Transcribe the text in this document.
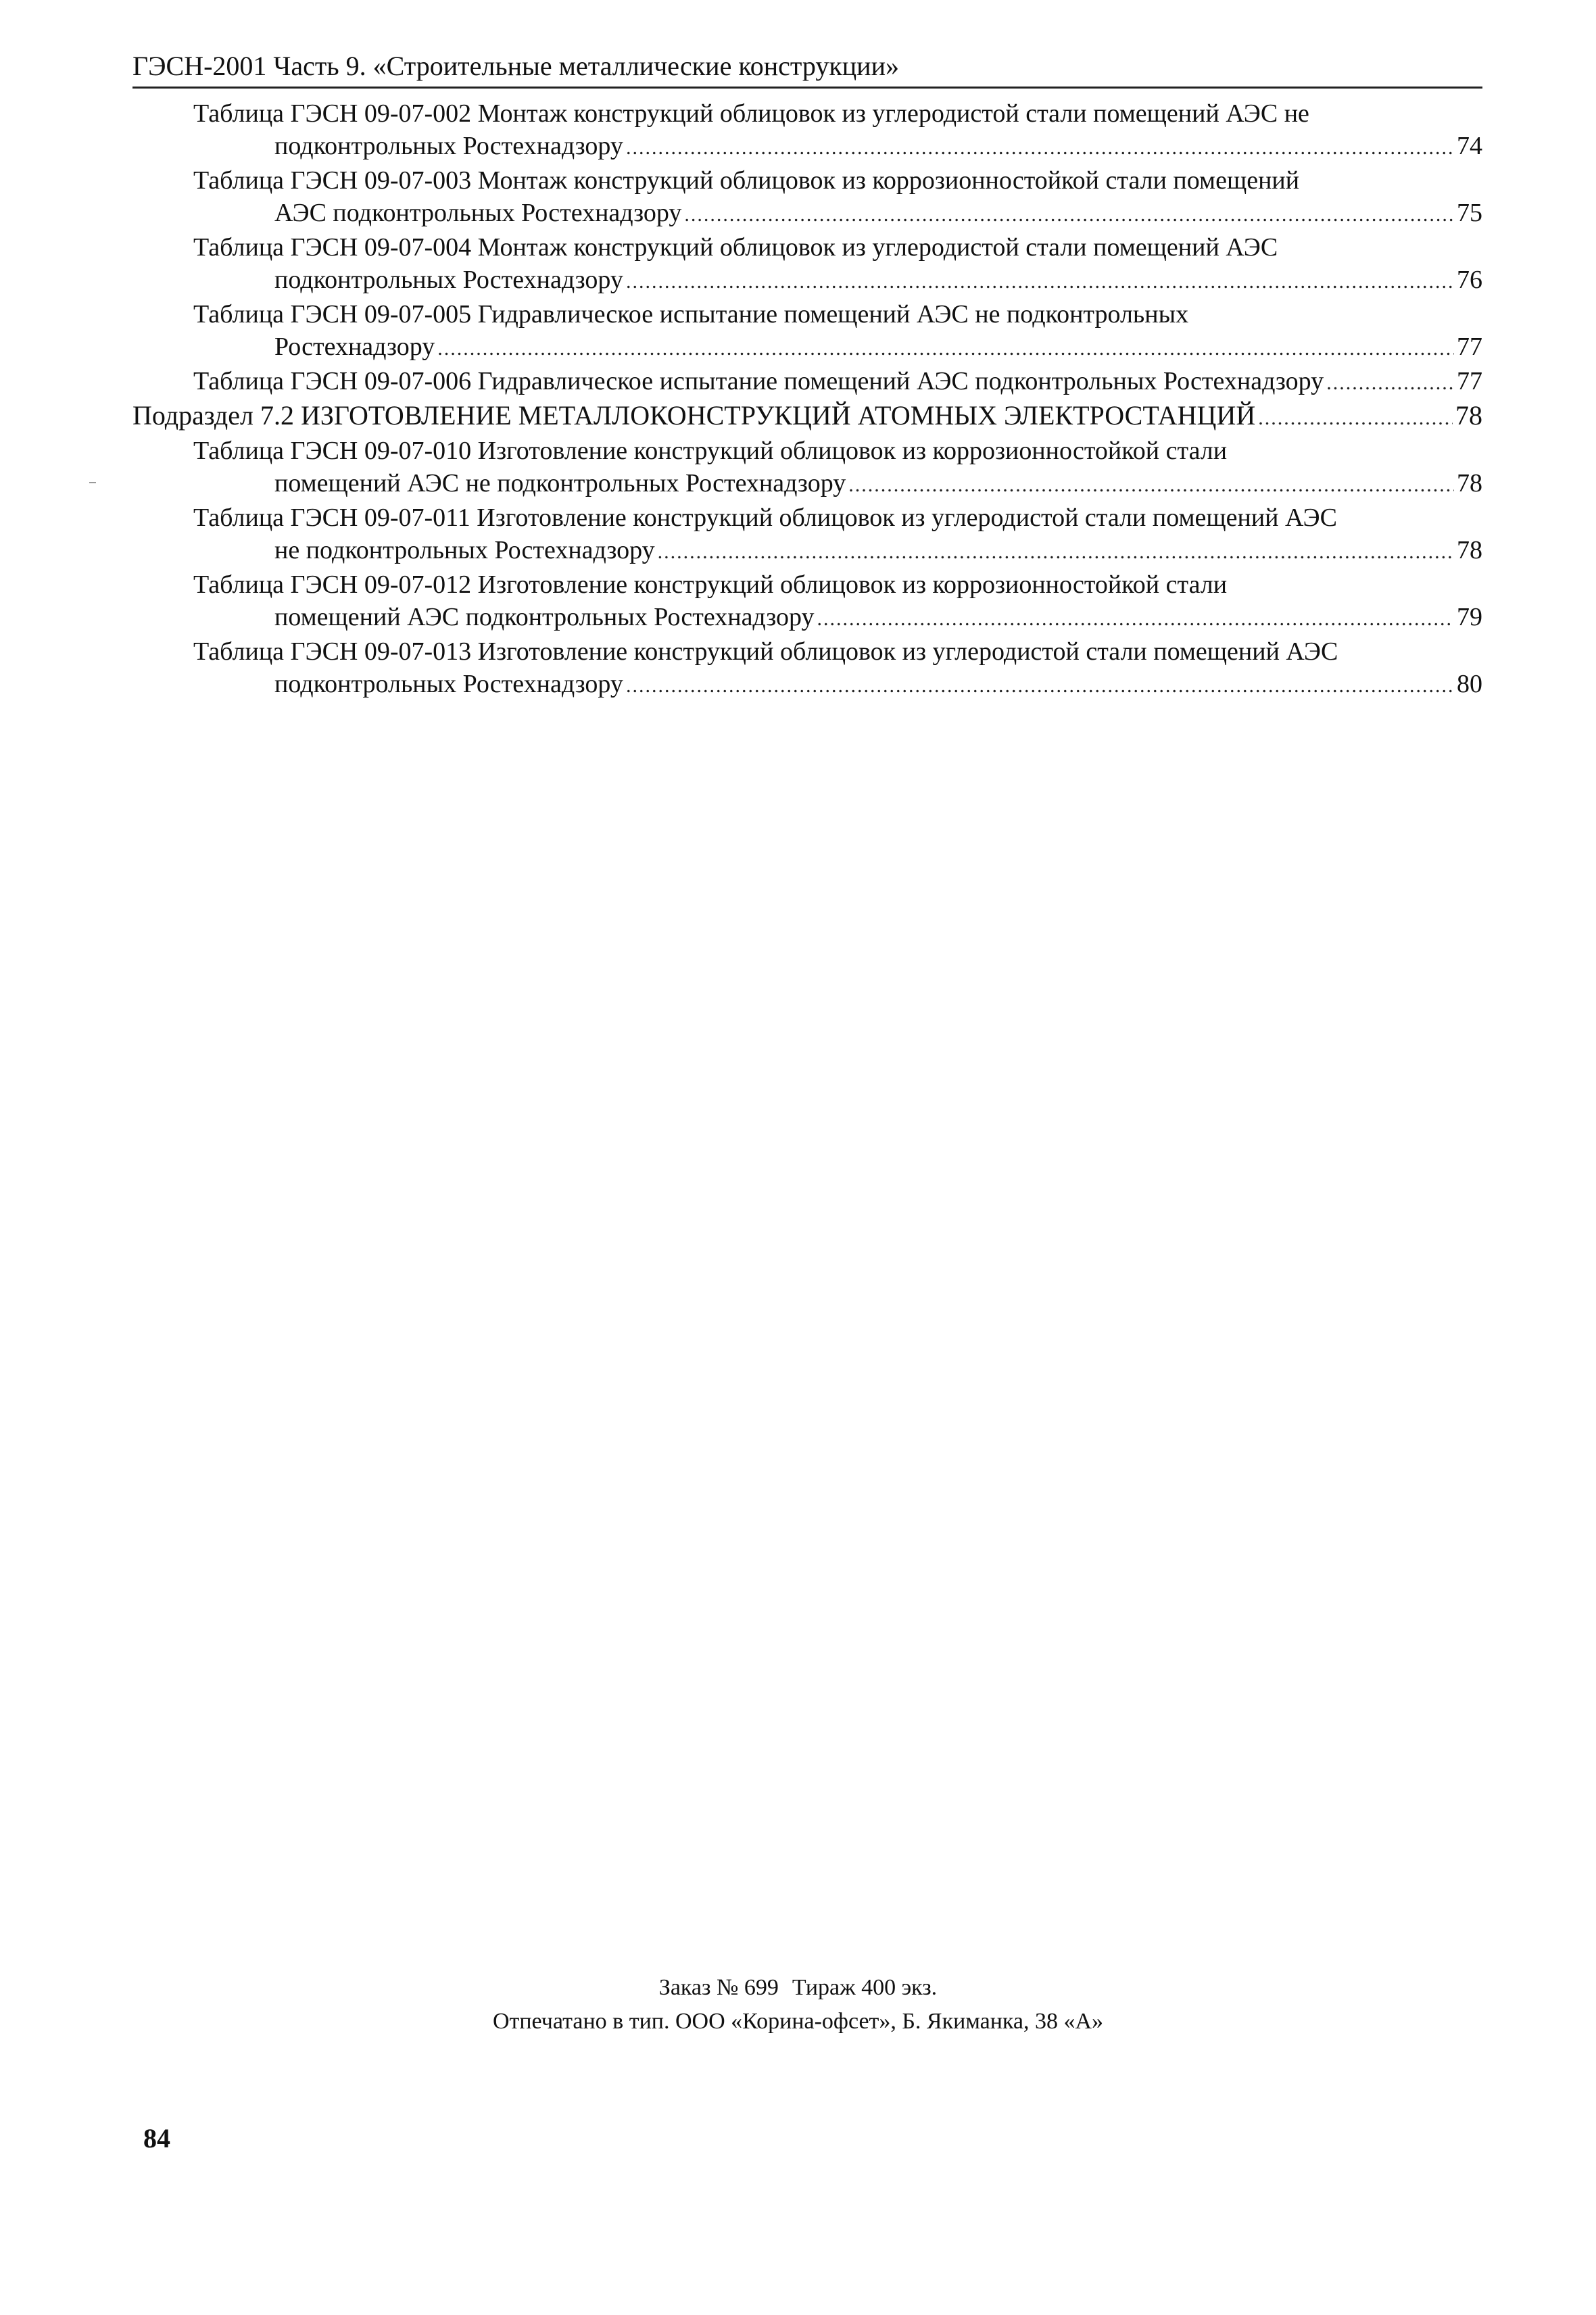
ГЭСН-2001 Часть 9. «Строительные металлические конструкции»
Таблица ГЭСН 09-07-002 Монтаж конструкций облицовок из углеродистой стали помещений АЭС не
подконтрольных Ростехнадзору .....	74
Таблица ГЭСН 09-07-003 Монтаж конструкций облицовок из коррозионностойкой стали помещений
АЭС подконтрольных Ростехнадзору .....	75
Таблица ГЭСН 09-07-004 Монтаж конструкций облицовок из углеродистой стали помещений АЭС
подконтрольных Ростехнадзору .....	76
Таблица ГЭСН 09-07-005 Гидравлическое испытание помещений АЭС не подконтрольных
Ростехнадзору .....	77
Таблица ГЭСН 09-07-006 Гидравлическое испытание помещений АЭС подконтрольных Ростехнадзору .....	77
Подраздел 7.2 ИЗГОТОВЛЕНИЕ МЕТАЛЛОКОНСТРУКЦИЙ АТОМНЫХ ЭЛЕКТРОСТАНЦИЙ .....	78
Таблица ГЭСН 09-07-010 Изготовление конструкций облицовок из коррозионностойкой стали
помещений АЭС не подконтрольных Ростехнадзору .....	78
Таблица ГЭСН 09-07-011 Изготовление конструкций облицовок из углеродистой стали помещений АЭС
не подконтрольных Ростехнадзору .....	78
Таблица ГЭСН 09-07-012 Изготовление конструкций облицовок из коррозионностойкой стали
помещений АЭС подконтрольных Ростехнадзору .....	79
Таблица ГЭСН 09-07-013 Изготовление конструкций облицовок из углеродистой стали помещений АЭС
подконтрольных Ростехнадзору .....	80
Заказ № 699 Тираж 400 экз.
Отпечатано в тип. ООО «Корина-офсет», Б. Якиманка, 38 «А»
84
